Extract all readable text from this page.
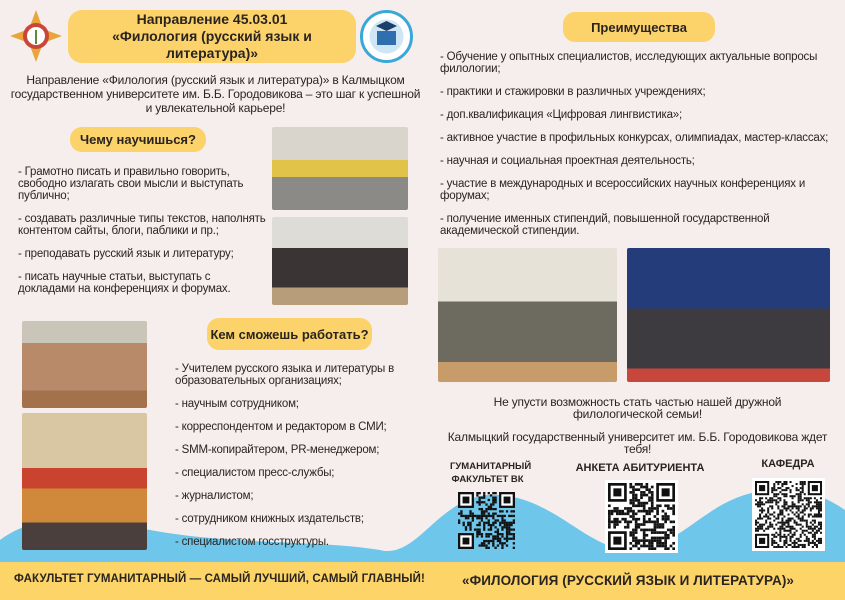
Направление 45.03.01
«Филология (русский язык и литература)»
Направление «Филология (русский язык и литература)» в Калмыцком государственном университете им. Б.Б. Городовикова – это шаг к успешной и увлекательной карьере!
Чему научишься?
- Грамотно писать и правильно говорить, свободно излагать свои мысли и выступать публично;
- создавать различные типы текстов, наполнять контентом сайты, блоги, паблики и пр.;
- преподавать русский язык и литературу;
- писать научные статьи, выступать с докладами на конференциях и форумах.
Кем сможешь работать?
- Учителем русского языка и литературы в образовательных организациях;
- научным сотрудником;
- корреспондентом и редактором в СМИ;
- SMM-копирайтером, PR-менеджером;
- специалистом пресс-службы;
- журналистом;
- сотрудником книжных издательств;
- специалистом госструктуры.
Преимущества
- Обучение у опытных специалистов, исследующих актуальные вопросы филологии;
- практики и стажировки в различных учреждениях;
- доп.квалификация «Цифровая лингвистика»;
- активное участие в профильных конкурсах, олимпиадах, мастер-классах;
- научная и социальная проектная деятельность;
- участие в международных и всероссийских научных конференциях и форумах;
- получение именных стипендий, повышенной государственной академической стипендии.
Не упусти возможность стать частью нашей дружной филологической семьи!
Калмыцкий государственный университет им. Б.Б. Городовикова ждет тебя!
ГУМАНИТАРНЫЙ ФАКУЛЬТЕТ ВК
АНКЕТА АБИТУРИЕНТА	КАФЕДРА
ФАКУЛЬТЕТ ГУМАНИТАРНЫЙ — САМЫЙ ЛУЧШИЙ, САМЫЙ ГЛАВНЫЙ!	«ФИЛОЛОГИЯ (РУССКИЙ ЯЗЫК И ЛИТЕРАТУРА)»
